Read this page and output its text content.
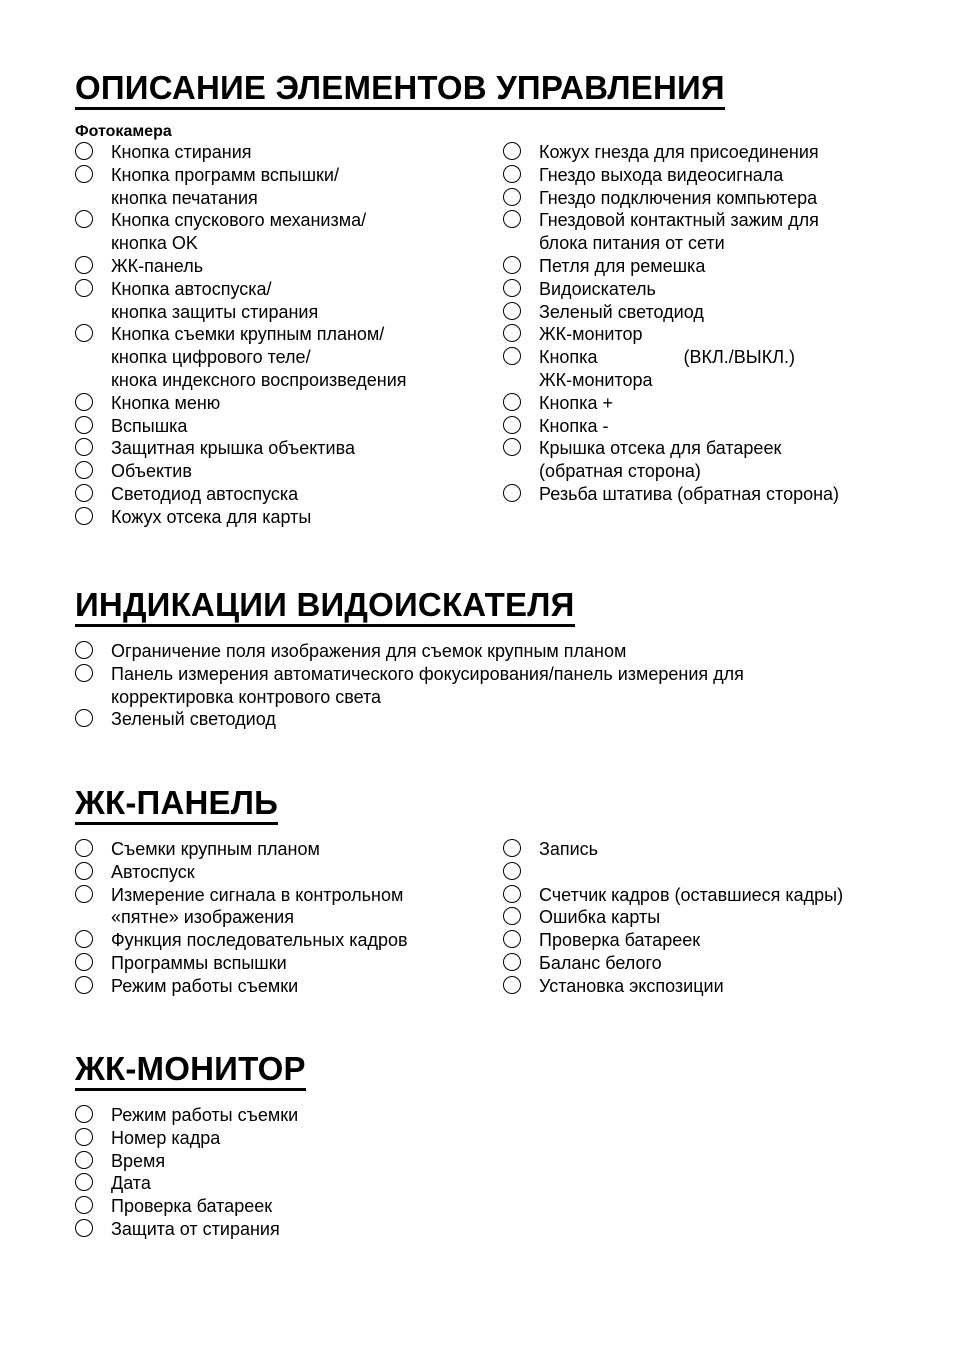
ОПИСАНИЕ ЭЛЕМЕНТОВ УПРАВЛЕНИЯ
Фотокамера
Кнопка стирания
Кнопка программ вспышки/
кнопка печатания
Кнопка спускового механизма/
кнопка OK
ЖК-панель
Кнопка автоспуска/
кнопка защиты стирания
Кнопка съемки крупным планом/
кнопка цифрового теле/
кнока индексного воспроизведения
Кнопка меню
Вспышка
Защитная крышка объектива
Объектив
Светодиод автоспуска
Кожух отсека для карты
Кожух гнезда для присоединения
Гнездо выхода видеосигнала
Гнездо подключения компьютера
Гнездовой контактный зажим для
блока питания от сети
Петля для ремешка
Видоискатель
Зеленый светодиод
ЖК-монитор
Кнопка	(ВКЛ./ВЫКЛ.)
ЖК-монитора
Кнопка +
Кнопка -
Крышка отсека для батареек
(обратная сторона)
Резьба штатива (обратная сторона)
ИНДИКАЦИИ ВИДОИСКАТЕЛЯ
Ограничение поля изображения для съемок крупным планом
Панель измерения автоматического фокусирования/панель измерения для
корректировка контрового света
Зеленый светодиод
ЖК-ПАНЕЛЬ
Съемки крупным планом
Автоспуск
Измерение сигнала в контрольном
«пятне» изображения
Функция последовательных кадров
Программы вспышки
Режим работы съемки
Запись

Счетчик кадров (оставшиеся кадры)
Ошибка карты
Проверка батареек
Баланс белого
Установка экспозиции
ЖК-МОНИТОР
Режим работы съемки
Номер кадра
Время
Дата
Проверка батареек
Защита от стирания
